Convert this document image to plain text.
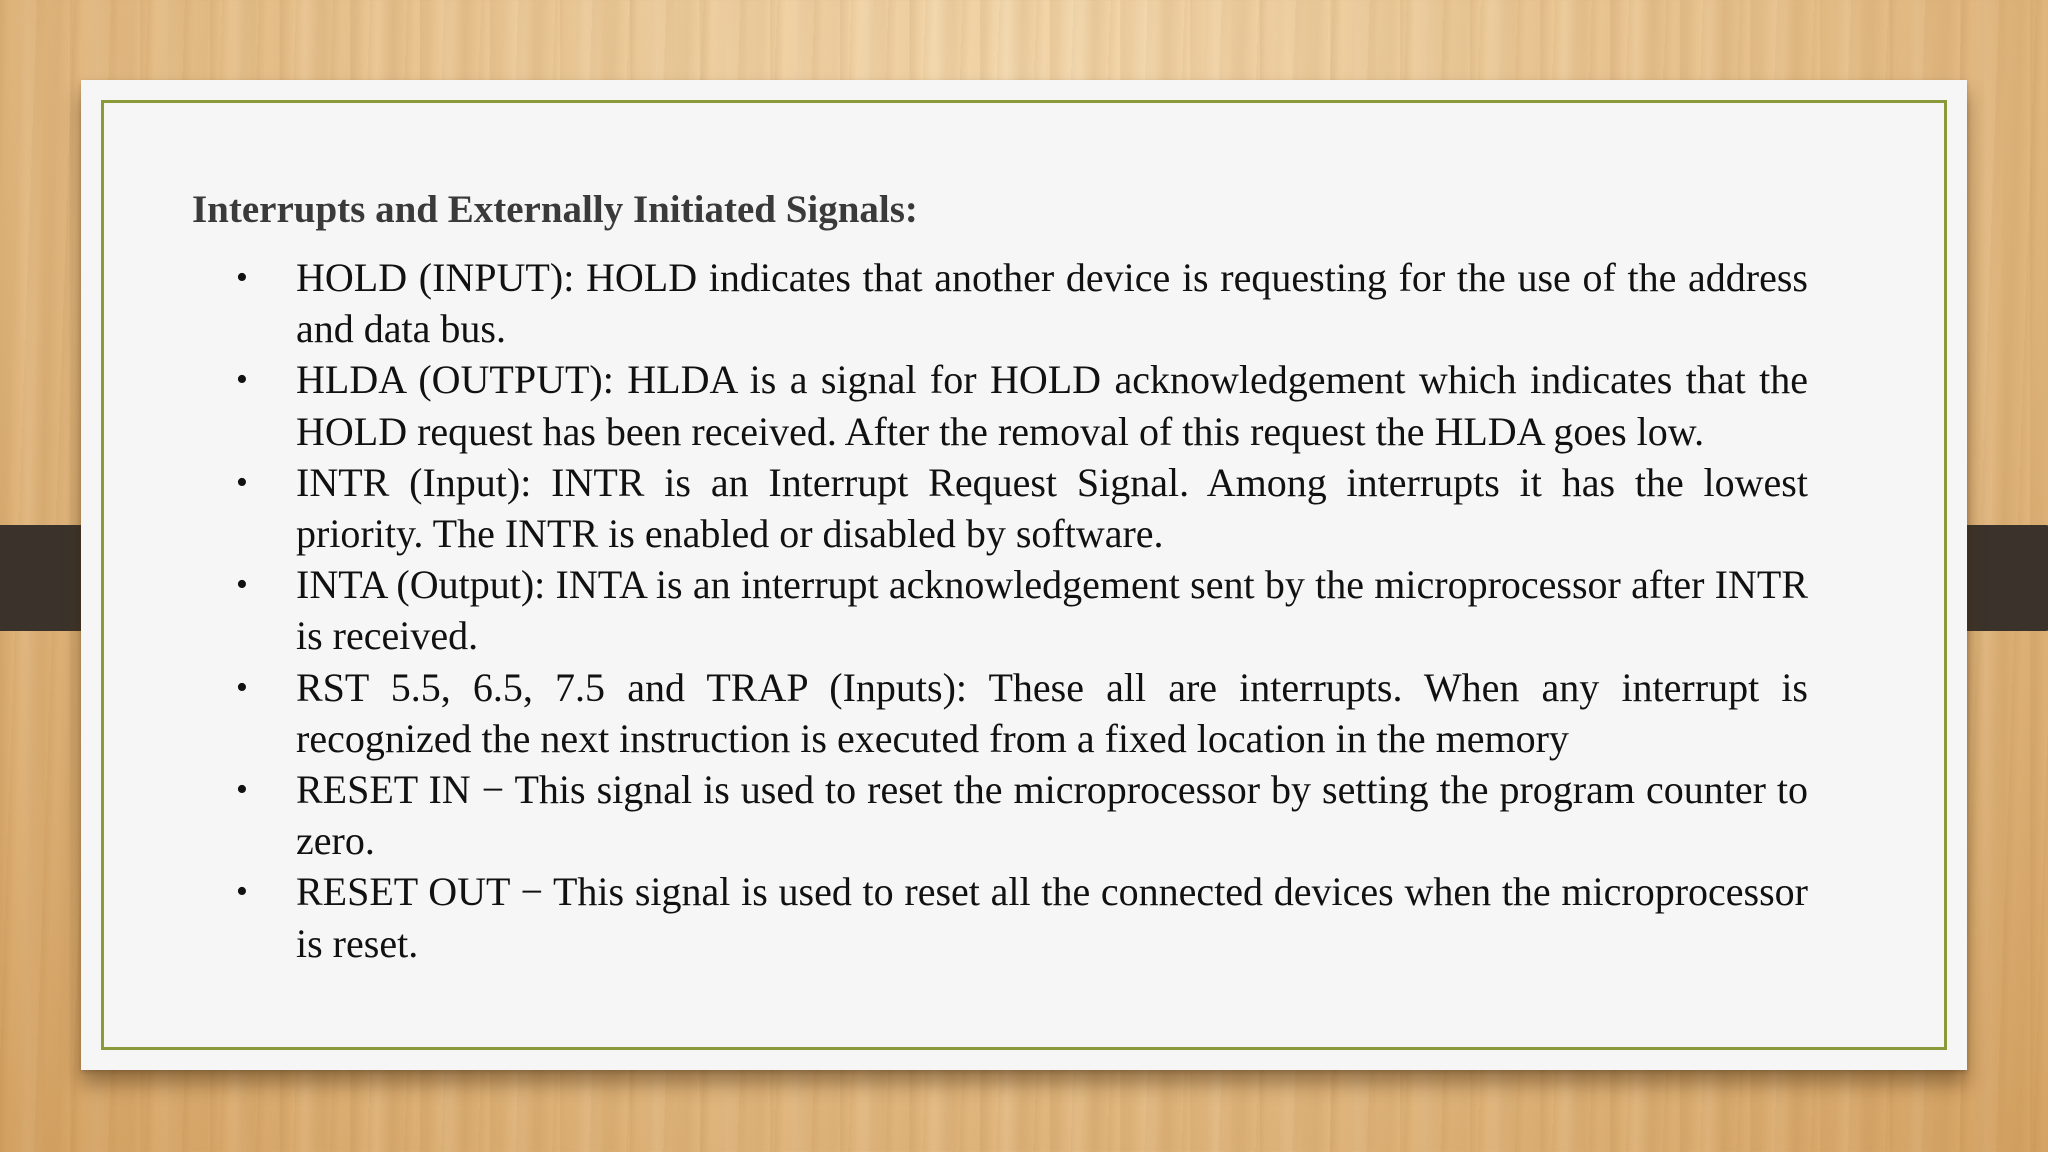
Interrupts and Externally Initiated Signals:
• HOLD (INPUT): HOLD indicates that another device is requesting for the use of the address and data bus.
• HLDA (OUTPUT): HLDA is a signal for HOLD acknowledgement which indicates that the HOLD request has been received. After the removal of this request the HLDA goes low.
• INTR (Input): INTR is an Interrupt Request Signal. Among interrupts it has the lowest priority. The INTR is enabled or disabled by software.
• INTA (Output): INTA is an interrupt acknowledgement sent by the microprocessor after INTR is received.
• RST 5.5, 6.5, 7.5 and TRAP (Inputs): These all are interrupts. When any interrupt is recognized the next instruction is executed from a fixed location in the memory
• RESET IN − This signal is used to reset the microprocessor by setting the program counter to zero.
• RESET OUT − This signal is used to reset all the connected devices when the microprocessor is reset.
